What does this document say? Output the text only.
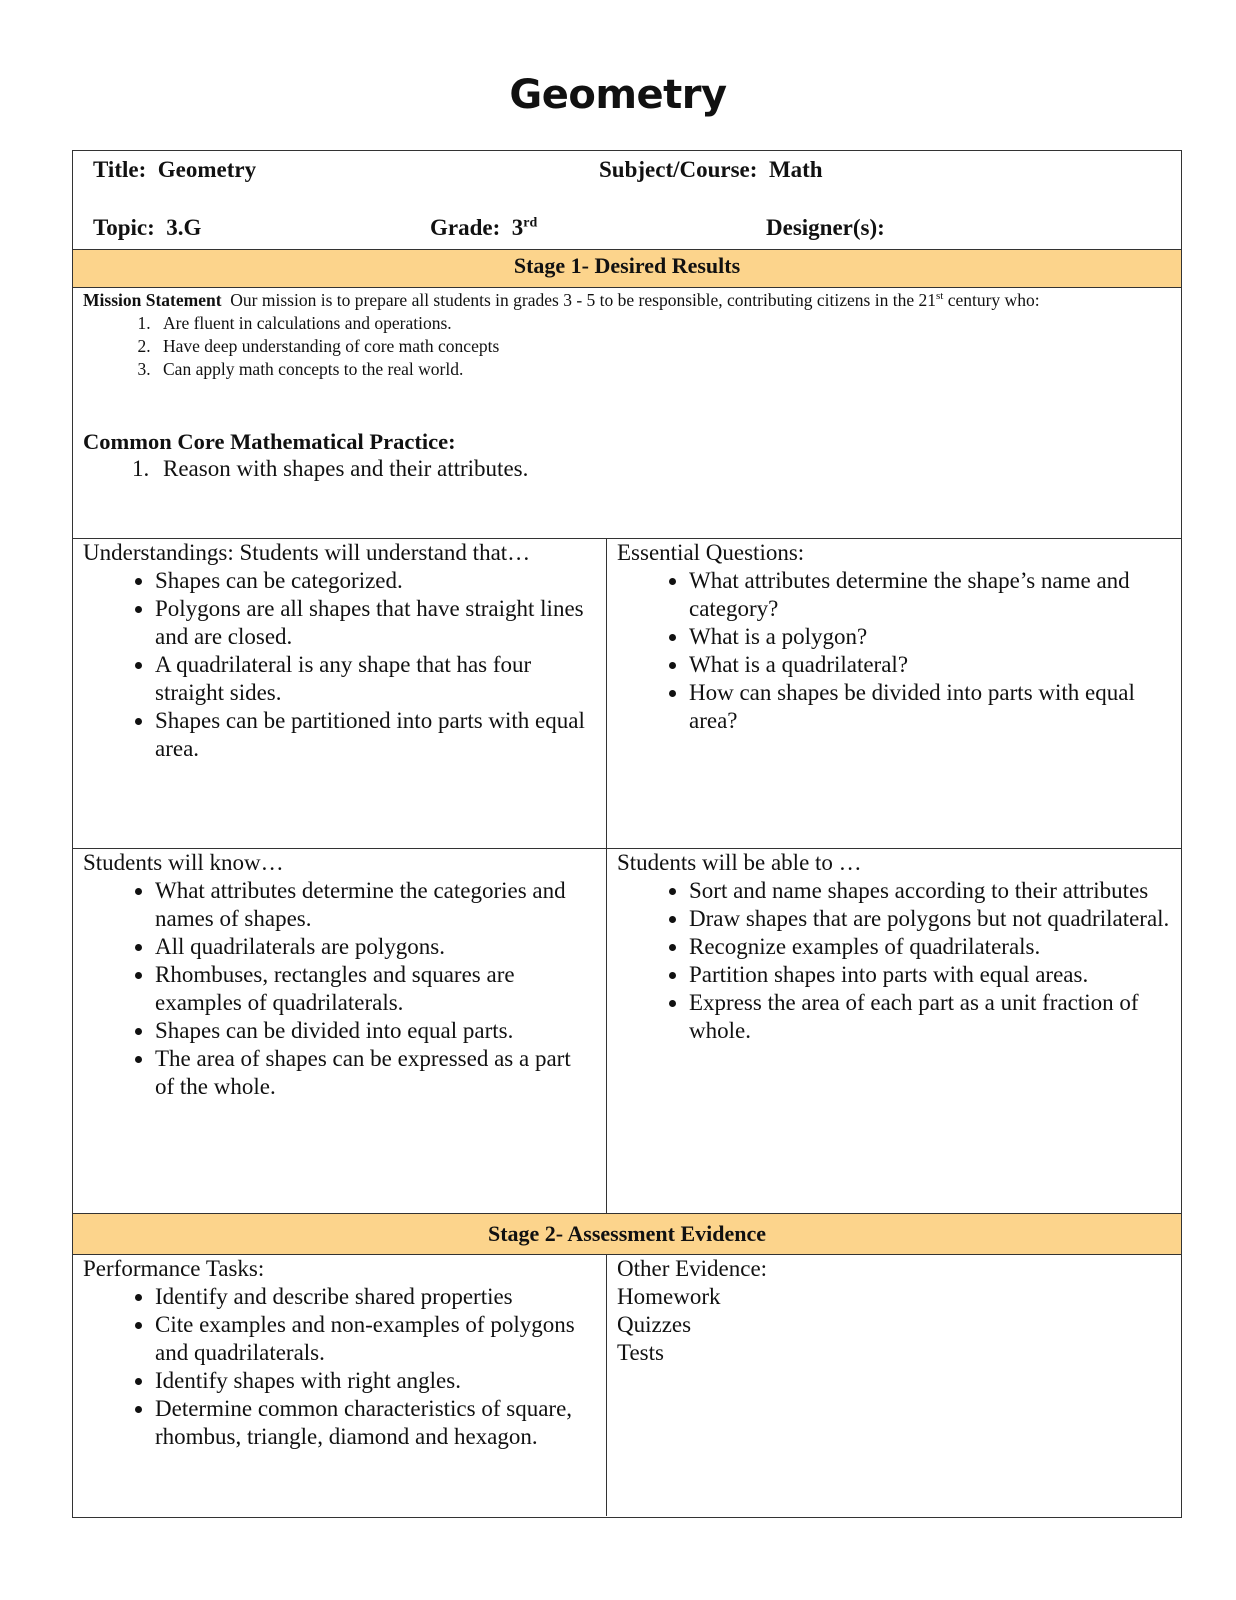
Geometry
Title: Geometry	Subject/Course: Math
Topic: 3.G	Grade: 3rd	Designer(s):
Stage 1- Desired Results
Mission Statement Our mission is to prepare all students in grades 3 - 5 to be responsible, contributing citizens in the 21st century who:
1. Are fluent in calculations and operations.
2. Have deep understanding of core math concepts
3. Can apply math concepts to the real world.
Common Core Mathematical Practice:
1. Reason with shapes and their attributes.
Understandings: Students will understand that…
• Shapes can be categorized.
• Polygons are all shapes that have straight lines and are closed.
• A quadrilateral is any shape that has four straight sides.
• Shapes can be partitioned into parts with equal area.
Essential Questions:
• What attributes determine the shape’s name and category?
• What is a polygon?
• What is a quadrilateral?
• How can shapes be divided into parts with equal area?
Students will know…
• What attributes determine the categories and names of shapes.
• All quadrilaterals are polygons.
• Rhombuses, rectangles and squares are examples of quadrilaterals.
• Shapes can be divided into equal parts.
• The area of shapes can be expressed as a part of the whole.
Students will be able to …
• Sort and name shapes according to their attributes
• Draw shapes that are polygons but not quadrilateral.
• Recognize examples of quadrilaterals.
• Partition shapes into parts with equal areas.
• Express the area of each part as a unit fraction of whole.
Stage 2- Assessment Evidence
Performance Tasks:
• Identify and describe shared properties
• Cite examples and non-examples of polygons and quadrilaterals.
• Identify shapes with right angles.
• Determine common characteristics of square, rhombus, triangle, diamond and hexagon.
Other Evidence:
Homework
Quizzes
Tests
